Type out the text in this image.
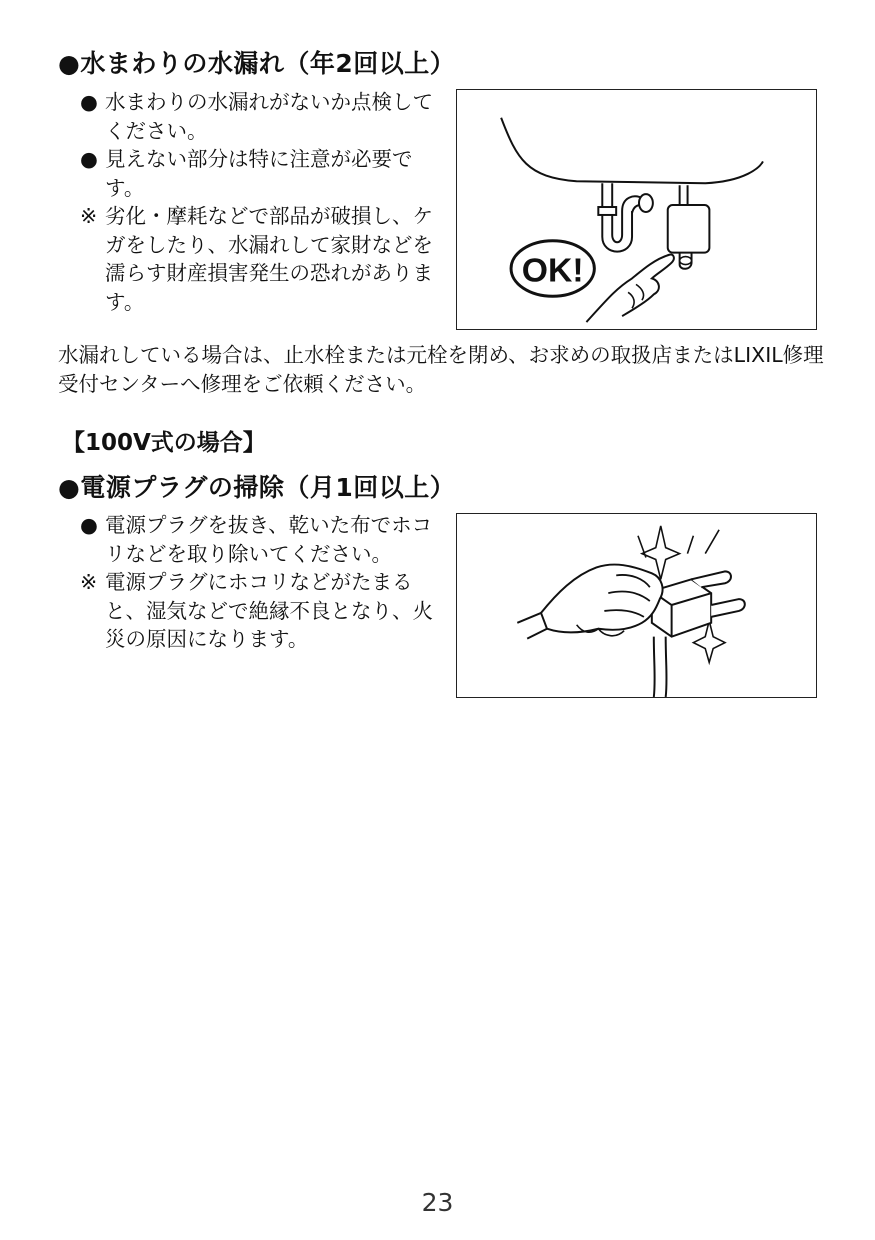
●水まわりの水漏れ（年2回以上）
● 水まわりの水漏れがないか点検してください。
● 見えない部分は特に注意が必要です。
※ 劣化・摩耗などで部品が破損し、ケガをしたり、水漏れして家財などを濡らす財産損害発生の恐れがあります。
OK!

水漏れしている場合は、止水栓または元栓を閉め、お求めの取扱店またはLIXIL修理受付センターへ修理をご依頼ください。

【100V式の場合】
●電源プラグの掃除（月1回以上）
● 電源プラグを抜き、乾いた布でホコリなどを取り除いてください。
※ 電源プラグにホコリなどがたまると、湿気などで絶縁不良となり、火災の原因になります。
23
